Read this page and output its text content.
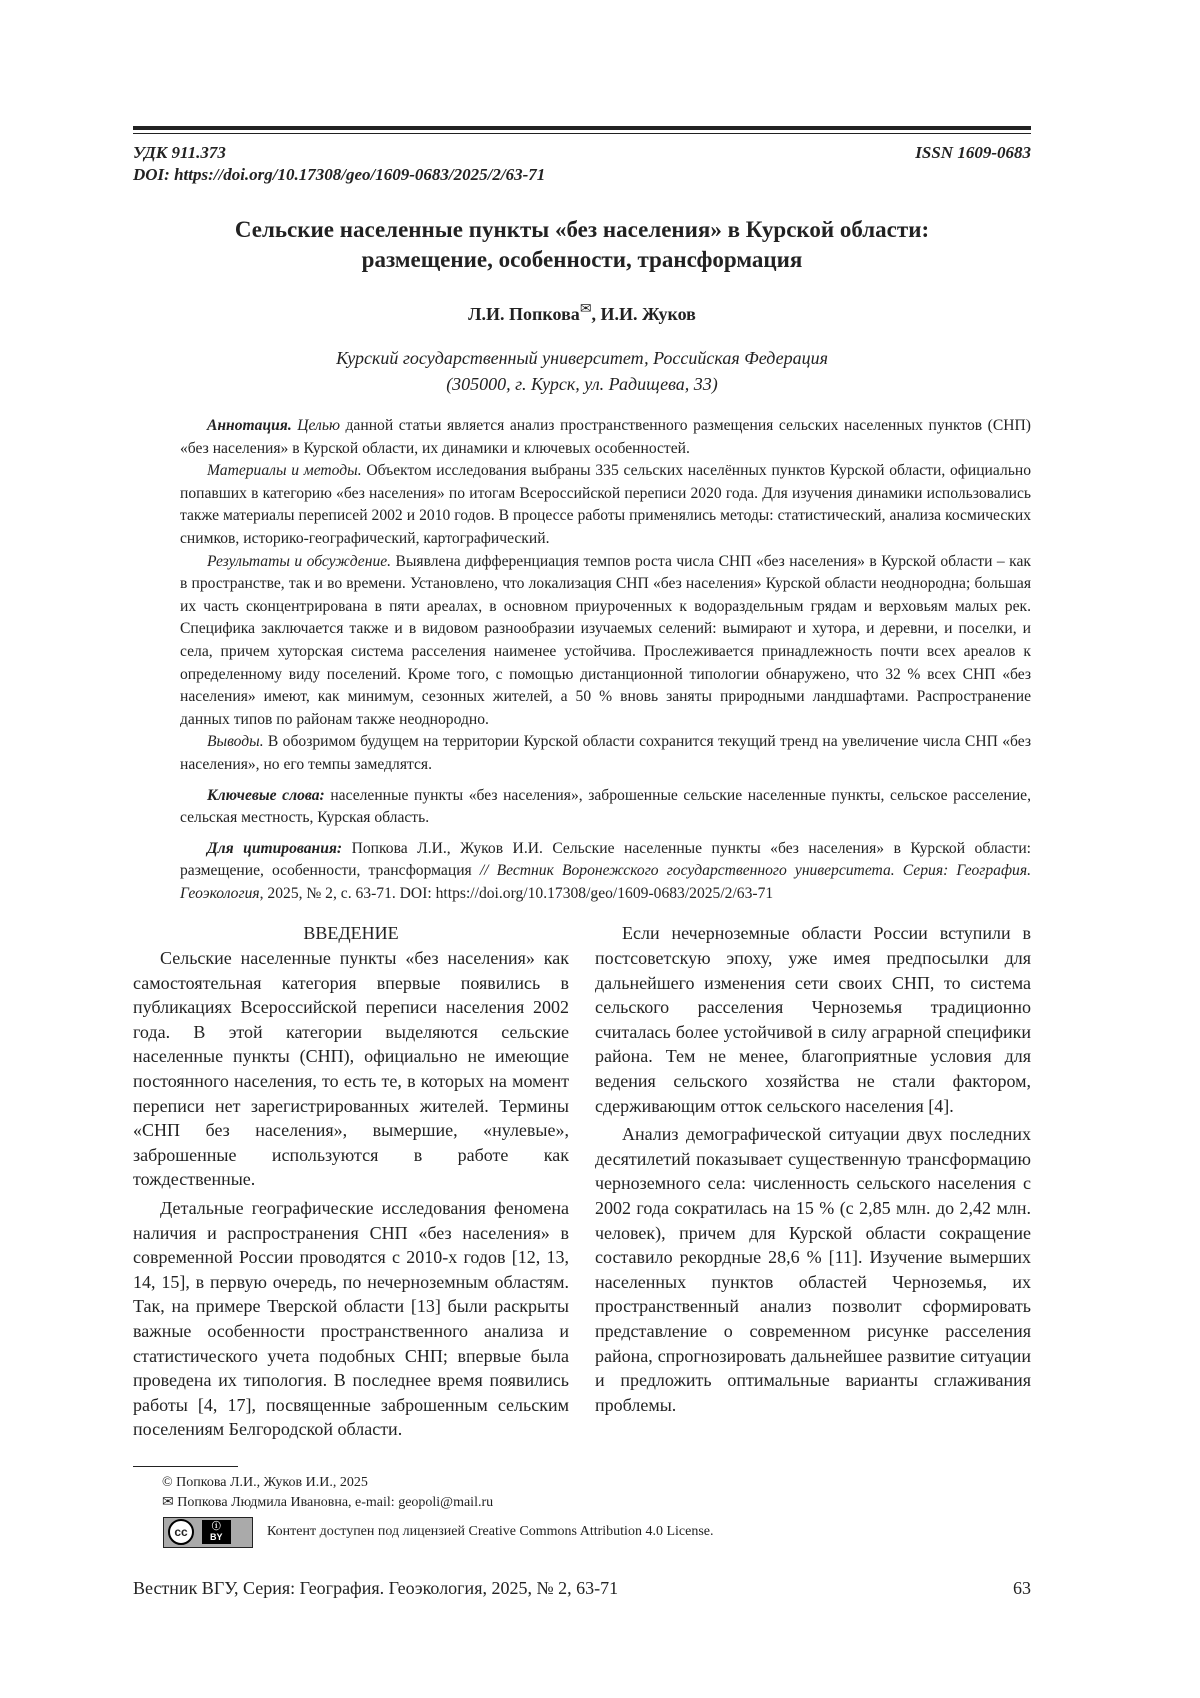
УДК 911.373	ISSN 1609-0683
DOI: https://doi.org/10.17308/geo/1609-0683/2025/2/63-71
Сельские населенные пункты «без населения» в Курской области:
размещение, особенности, трансформация
Л.И. Попкова✉, И.И. Жуков
Курский государственный университет, Российская Федерация
(305000, г. Курск, ул. Радищева, 33)

Аннотация. Целью данной статьи является анализ пространственного размещения сельских населенных пунктов (СНП) «без населения» в Курской области, их динамики и ключевых особенностей.

Материалы и методы. Объектом исследования выбраны 335 сельских населённых пунктов Курской области, официально попавших в категорию «без населения» по итогам Всероссийской переписи 2020 года. Для изучения динамики использовались также материалы переписей 2002 и 2010 годов. В процессе работы применялись методы: статистический, анализа космических снимков, историко-географический, картографический.

Результаты и обсуждение. Выявлена дифференциация темпов роста числа СНП «без населения» в Курской области – как в пространстве, так и во времени. Установлено, что локализация СНП «без населения» Курской области неоднородна; большая их часть сконцентрирована в пяти ареалах, в основном приуроченных к водораздельным грядам и верховьям малых рек. Специфика заключается также и в видовом разнообразии изучаемых селений: вымирают и хутора, и деревни, и поселки, и села, причем хуторская система расселения наименее устойчива. Прослеживается принадлежность почти всех ареалов к определенному виду поселений. Кроме того, с помощью дистанционной типологии обнаружено, что 32 % всех СНП «без населения» имеют, как минимум, сезонных жителей, а 50 % вновь заняты природными ландшафтами. Распространение данных типов по районам также неоднородно.

Выводы. В обозримом будущем на территории Курской области сохранится текущий тренд на увеличение числа СНП «без населения», но его темпы замедлятся.

Ключевые слова: населенные пункты «без населения», заброшенные сельские населенные пункты, сельское расселение, сельская местность, Курская область.

Для цитирования: Попкова Л.И., Жуков И.И. Сельские населенные пункты «без населения» в Курской области: размещение, особенности, трансформация // Вестник Воронежского государственного университета. Серия: География. Геоэкология, 2025, № 2, с. 63-71. DOI: https://doi.org/10.17308/geo/1609-0683/2025/2/63-71

ВВЕДЕНИЕ

Сельские населенные пункты «без населения» как самостоятельная категория впервые появились в публикациях Всероссийской переписи населения 2002 года. В этой категории выделяются сельские населенные пункты (СНП), официально не имеющие постоянного населения, то есть те, в которых на момент переписи нет зарегистрированных жителей. Термины «СНП без населения», вымершие, «нулевые», заброшенные используются в работе как тождественные.

Детальные географические исследования феномена наличия и распространения СНП «без населения» в современной России проводятся с 2010-х годов [12, 13, 14, 15], в первую очередь, по нечерноземным областям. Так, на примере Тверской области [13] были раскрыты важные особенности пространственного анализа и статистического учета подобных СНП; впервые была проведена их типология. В последнее время появились работы [4, 17], посвященные заброшенным сельским поселениям Белгородской области.

Если нечерноземные области России вступили в постсоветскую эпоху, уже имея предпосылки для дальнейшего изменения сети своих СНП, то система сельского расселения Черноземья традиционно считалась более устойчивой в силу аграрной специфики района. Тем не менее, благоприятные условия для ведения сельского хозяйства не стали фактором, сдерживающим отток сельского населения [4].

Анализ демографической ситуации двух последних десятилетий показывает существенную трансформацию черноземного села: численность сельского населения с 2002 года сократилась на 15 % (с 2,85 млн. до 2,42 млн. человек), причем для Курской области сокращение составило рекордные 28,6 % [11]. Изучение вымерших населенных пунктов областей Черноземья, их пространственный анализ позволит сформировать представление о современном рисунке расселения района, спрогнозировать дальнейшее развитие ситуации и предложить оптимальные варианты сглаживания проблемы.

© Попкова Л.И., Жуков И.И., 2025
✉ Попкова Людмила Ивановна, e-mail: geopoli@mail.ru
cc	ⓘ
BY	Контент доступен под лицензией Creative Commons Attribution 4.0 License.
Вестник ВГУ, Серия: География. Геоэкология, 2025, № 2, 63-71	63
